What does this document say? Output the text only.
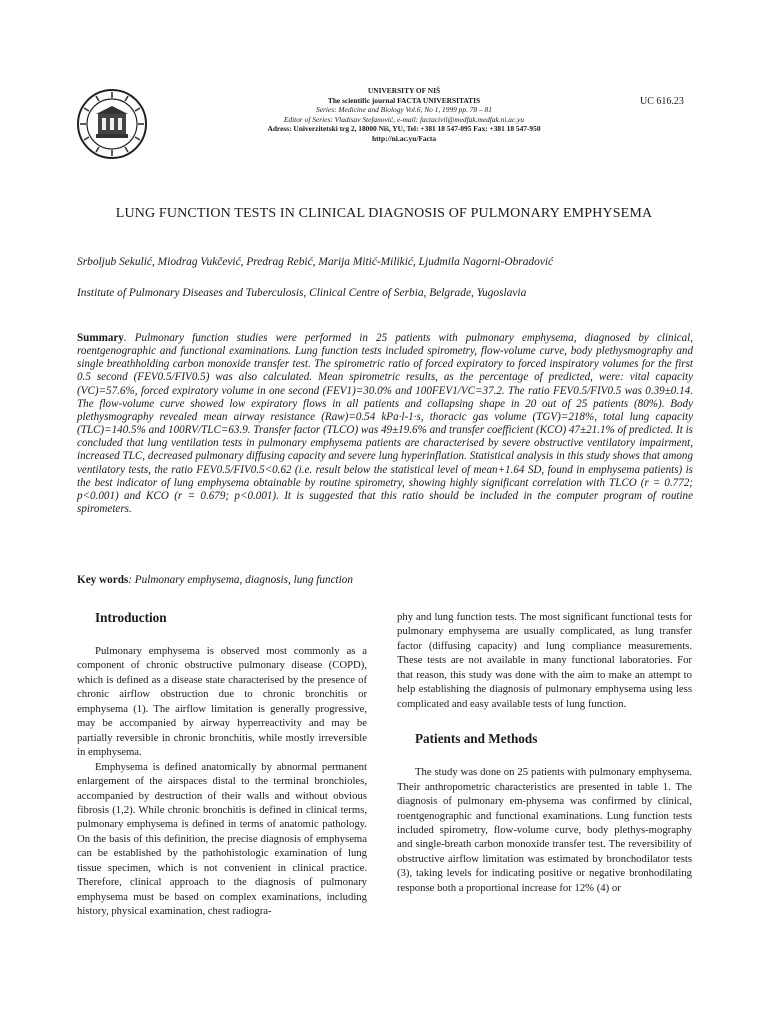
UNIVERSITY OF NIŠ
The scientific journal FACTA UNIVERSITATIS
Series: Medicine and Biology Vol.6, No 1, 1999 pp. 78 – 81
Editor of Series: Vladisav Stefanović, e-mail: factacivil@medfak.medfak.ni.ac.yu
Adress: Univerzitetski trg 2, 18000 Niš, YU, Tel: +381 18 547-095 Fax: +381 18 547-950
http://ni.ac.yu/Facta
UC 616.23
LUNG FUNCTION TESTS IN CLINICAL DIAGNOSIS OF PULMONARY EMPHYSEMA
Srboljub Sekulić, Miodrag Vukčević, Predrag Rebić, Marija Mitić-Milikić, Ljudmila Nagorni-Obradović
Institute of Pulmonary Diseases and Tuberculosis, Clinical Centre of Serbia, Belgrade, Yugoslavia
Summary. Pulmonary function studies were performed in 25 patients with pulmonary emphysema, diagnosed by clinical, roentgenographic and functional examinations. Lung function tests included spirometry, flow-volume curve, body plethysmography and single breathholding carbon monoxide transfer test. The spirometric ratio of forced expiratory to forced inspiratory volumes for the first 0.5 second (FEV0.5/FIV0.5) was also calculated. Mean spirometric results, as the percentage of predicted, were: vital capacity (VC)=57.6%, forced expiratory volume in one second (FEV1)=30.0% and 100FEV1/VC=37.2. The ratio FEV0.5/FIV0.5 was 0.39±0.14. The flow-volume curve showed low expiratory flows in all patients and collapsing shape in 20 out of 25 patients (80%). Body plethysmography revealed mean airway resistance (Raw)=0.54 kPa·l-1·s, thoracic gas volume (TGV)=218%, total lung capacity (TLC)=140.5% and 100RV/TLC=63.9. Transfer factor (TLCO) was 49±19.6% and transfer coefficient (KCO) 47±21.1% of predicted. It is concluded that lung ventilation tests in pulmonary emphysema patients are characterised by severe obstructive ventilatory impairment, increased TLC, decreased pulmonary diffusing capacity and severe lung hyperinflation. Statistical analysis in this study shows that among ventilatory tests, the ratio FEV0.5/FIV0.5<0.62 (i.e. result below the statistical level of mean+1.64 SD, found in emphysema patients) is the best indicator of lung emphysema obtainable by routine spirometry, showing highly significant correlation with TLCO (r = 0.772; p<0.001) and KCO (r = 0.679; p<0.001). It is suggested that this ratio should be included in the computer program of routine spirometers.
Key words: Pulmonary emphysema, diagnosis, lung function
Introduction

Pulmonary emphysema is observed most commonly as a component of chronic obstructive pulmonary disease (COPD), which is defined as a disease state characterised by the presence of chronic airflow obstruction due to chronic bronchitis or emphysema (1). The airflow limitation is generally progressive, may be accompanied by airway hyperreactivity and may be partially reversible in chronic bronchitis, while mostly irreversible in emphysema.

Emphysema is defined anatomically by abnormal permanent enlargement of the airspaces distal to the terminal bronchioles, accompanied by destruction of their walls and without obvious fibrosis (1,2). While chronic bronchitis is defined in clinical terms, pulmonary emphysema is defined in terms of anatomic pathology. On the basis of this definition, the precise diagnosis of emphysema can be established by the pathohistologic examination of lung tissue specimen, which is not convenient in clinical practice. Therefore, clinical approach to the diagnosis of pulmonary emphysema must be based on complex examinations, including history, physical examination, chest radiogra-

phy and lung function tests. The most significant functional tests for pulmonary emphysema are usually complicated, as lung transfer factor (diffusing capacity) and lung compliance measurements. These tests are not available in many functional laboratories. For that reason, this study was done with the aim to make an attempt to help establishing the diagnosis of pulmonary emphysema using less complicated and easy available tests of lung function.

Patients and Methods

The study was done on 25 patients with pulmonary emphysema. Their anthropometric characteristics are presented in table 1. The diagnosis of pulmonary em-physema was confirmed by clinical, roentgenographic and functional examinations. Lung function tests included spirometry, flow-volume curve, body plethys-mography and single-breath carbon monoxide transfer test. The reversibility of obstructive airflow limitation was estimated by bronchodilator tests (3), taking levels for indicating positive or negative bronhodilating response both a proportional increase for 12% (4) or
